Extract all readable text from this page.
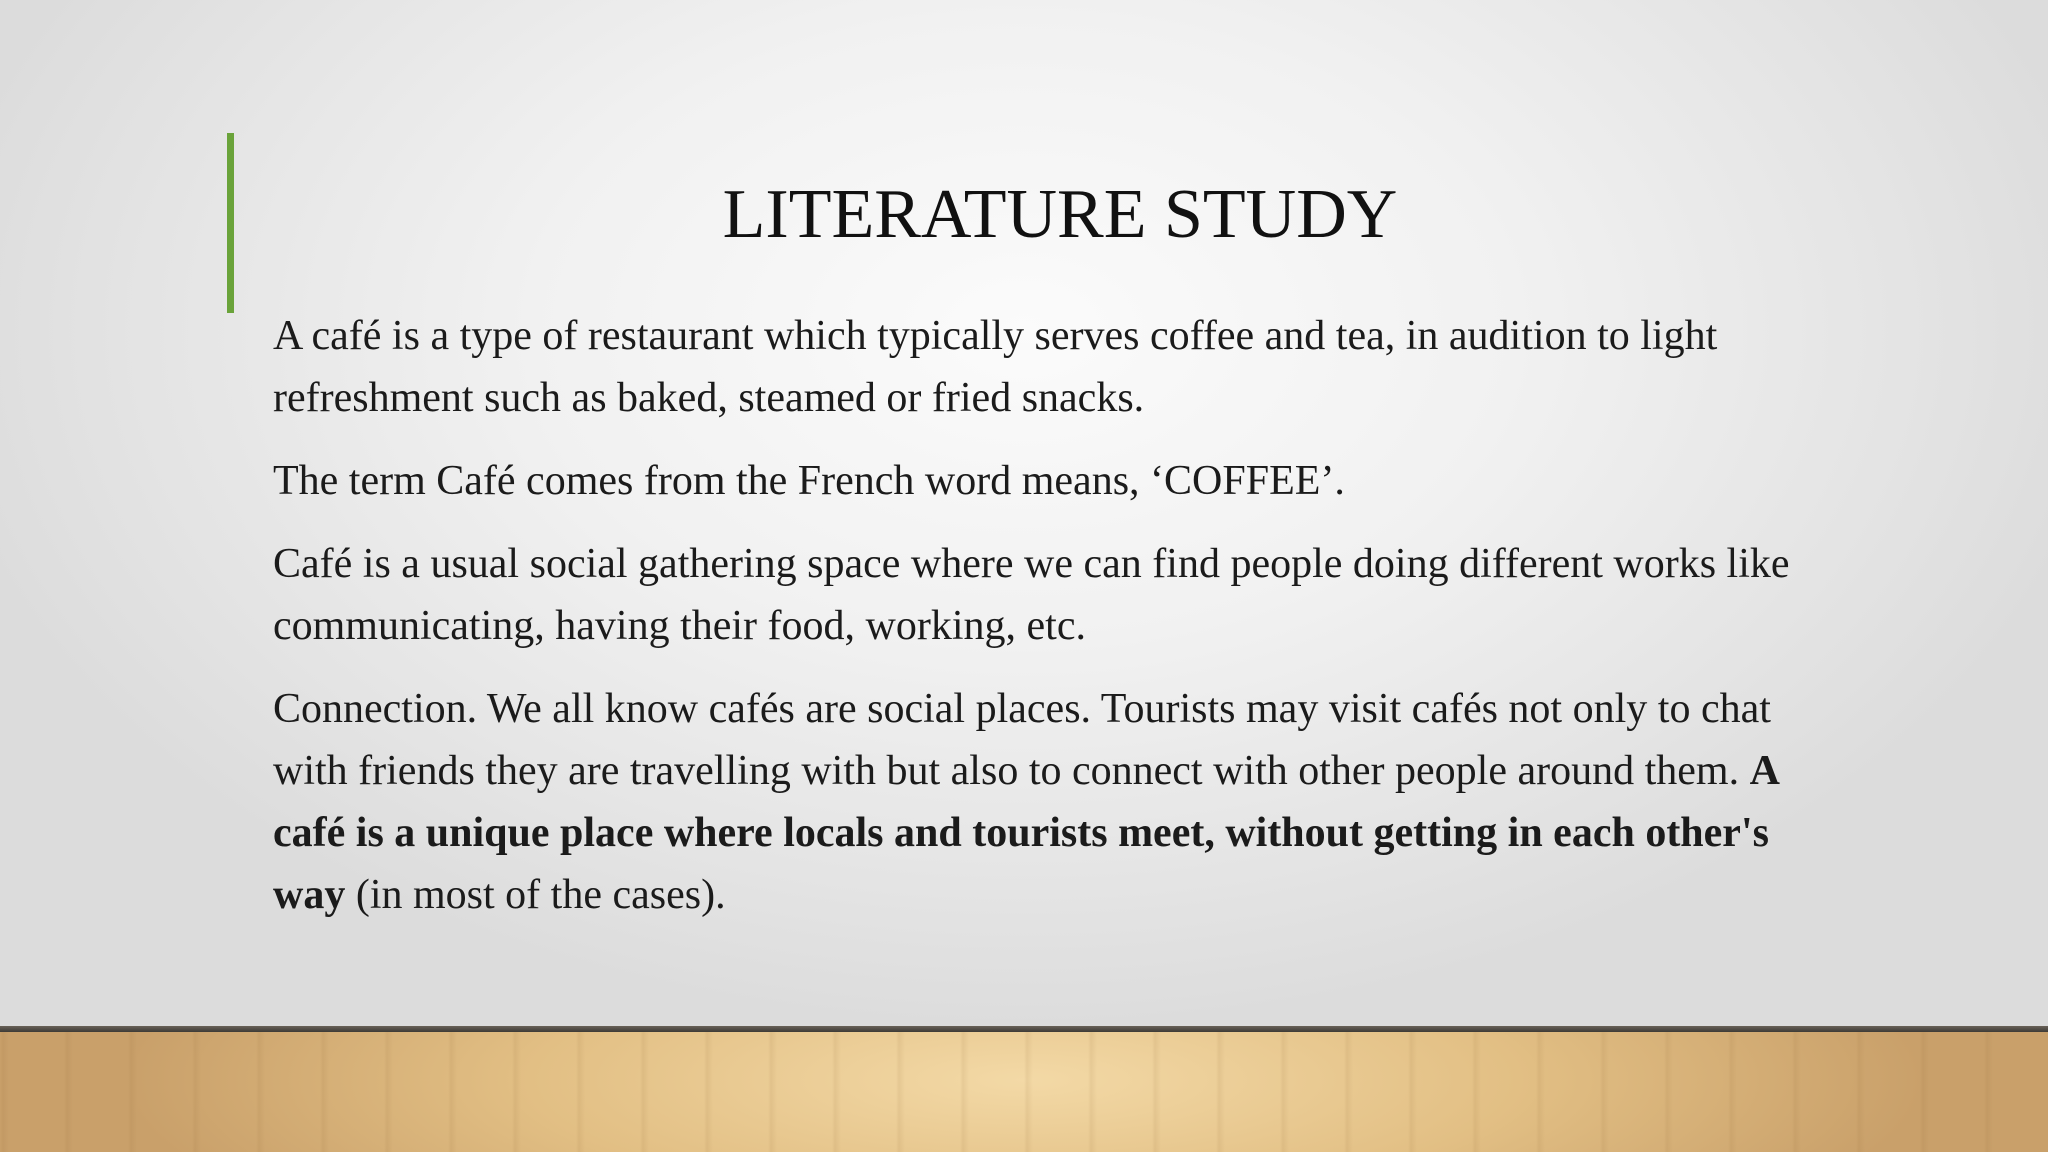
LITERATURE STUDY

A café is a type of restaurant which typically serves coffee and tea, in audition to light refreshment such as baked, steamed or fried snacks.

The term Café comes from the French word means, ‘COFFEE’.

Café is a usual social gathering space where we can find people doing different works like communicating, having their food, working, etc.

Connection. We all know cafés are social places. Tourists may visit cafés not only to chat with friends they are travelling with but also to connect with other people around them. A café is a unique place where locals and tourists meet, without getting in each other's way (in most of the cases).
